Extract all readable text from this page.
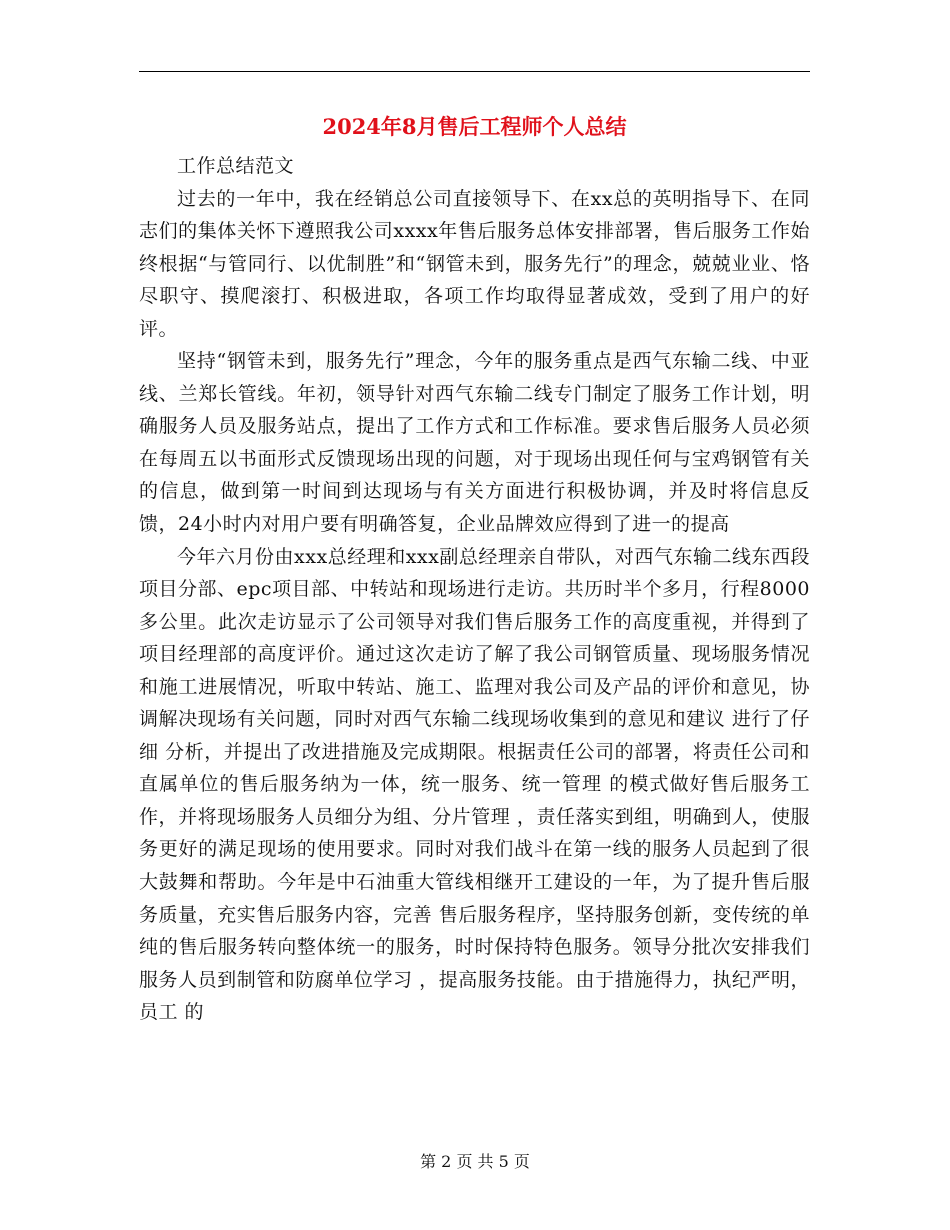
2024年8月售后工程师个人总结

工作总结范文

过去的一年中，我在经销总公司直接领导下、在xx总的英明指导下、在同志们的集体关怀下遵照我公司xxxx年售后服务总体安排部署，售后服务工作始终根据“与管同行、以优制胜”和“钢管未到，服务先行”的理念，兢兢业业、恪尽职守、摸爬滚打、积极进取，各项工作均取得显著成效，受到了用户的好评。

坚持“钢管未到，服务先行”理念，今年的服务重点是西气东输二线、中亚线、兰郑长管线。年初，领导针对西气东输二线专门制定了服务工作计划，明确服务人员及服务站点，提出了工作方式和工作标准。要求售后服务人员必须在每周五以书面形式反馈现场出现的问题，对于现场出现任何与宝鸡钢管有关的信息，做到第一时间到达现场与有关方面进行积极协调，并及时将信息反馈，24小时内对用户要有明确答复，企业品牌效应得到了进一的提高

今年六月份由xxx总经理和xxx副总经理亲自带队，对西气东输二线东西段项目分部、epc项目部、中转站和现场进行走访。共历时半个多月，行程8000多公里。此次走访显示了公司领导对我们售后服务工作的高度重视，并得到了项目经理部的高度评价。通过这次走访了解了我公司钢管质量、现场服务情况和施工进展情况，听取中转站、施工、监理对我公司及产品的评价和意见，协调解决现场有关问题，同时对西气东输二线现场收集到的意见和建议 进行了仔细 分析，并提出了改进措施及完成期限。根据责任公司的部署，将责任公司和直属单位的售后服务纳为一体，统一服务、统一管理 的模式做好售后服务工作，并将现场服务人员细分为组、分片管理 ，责任落实到组，明确到人，使服务更好的满足现场的使用要求。同时对我们战斗在第一线的服务人员起到了很大鼓舞和帮助。今年是中石油重大管线相继开工建设的一年，为了提升售后服务质量，充实售后服务内容，完善 售后服务程序，坚持服务创新，变传统的单纯的售后服务转向整体统一的服务，时时保持特色服务。领导分批次安排我们服务人员到制管和防腐单位学习 ，提高服务技能。由于措施得力，执纪严明，员工 的

第 2 页 共 5 页
